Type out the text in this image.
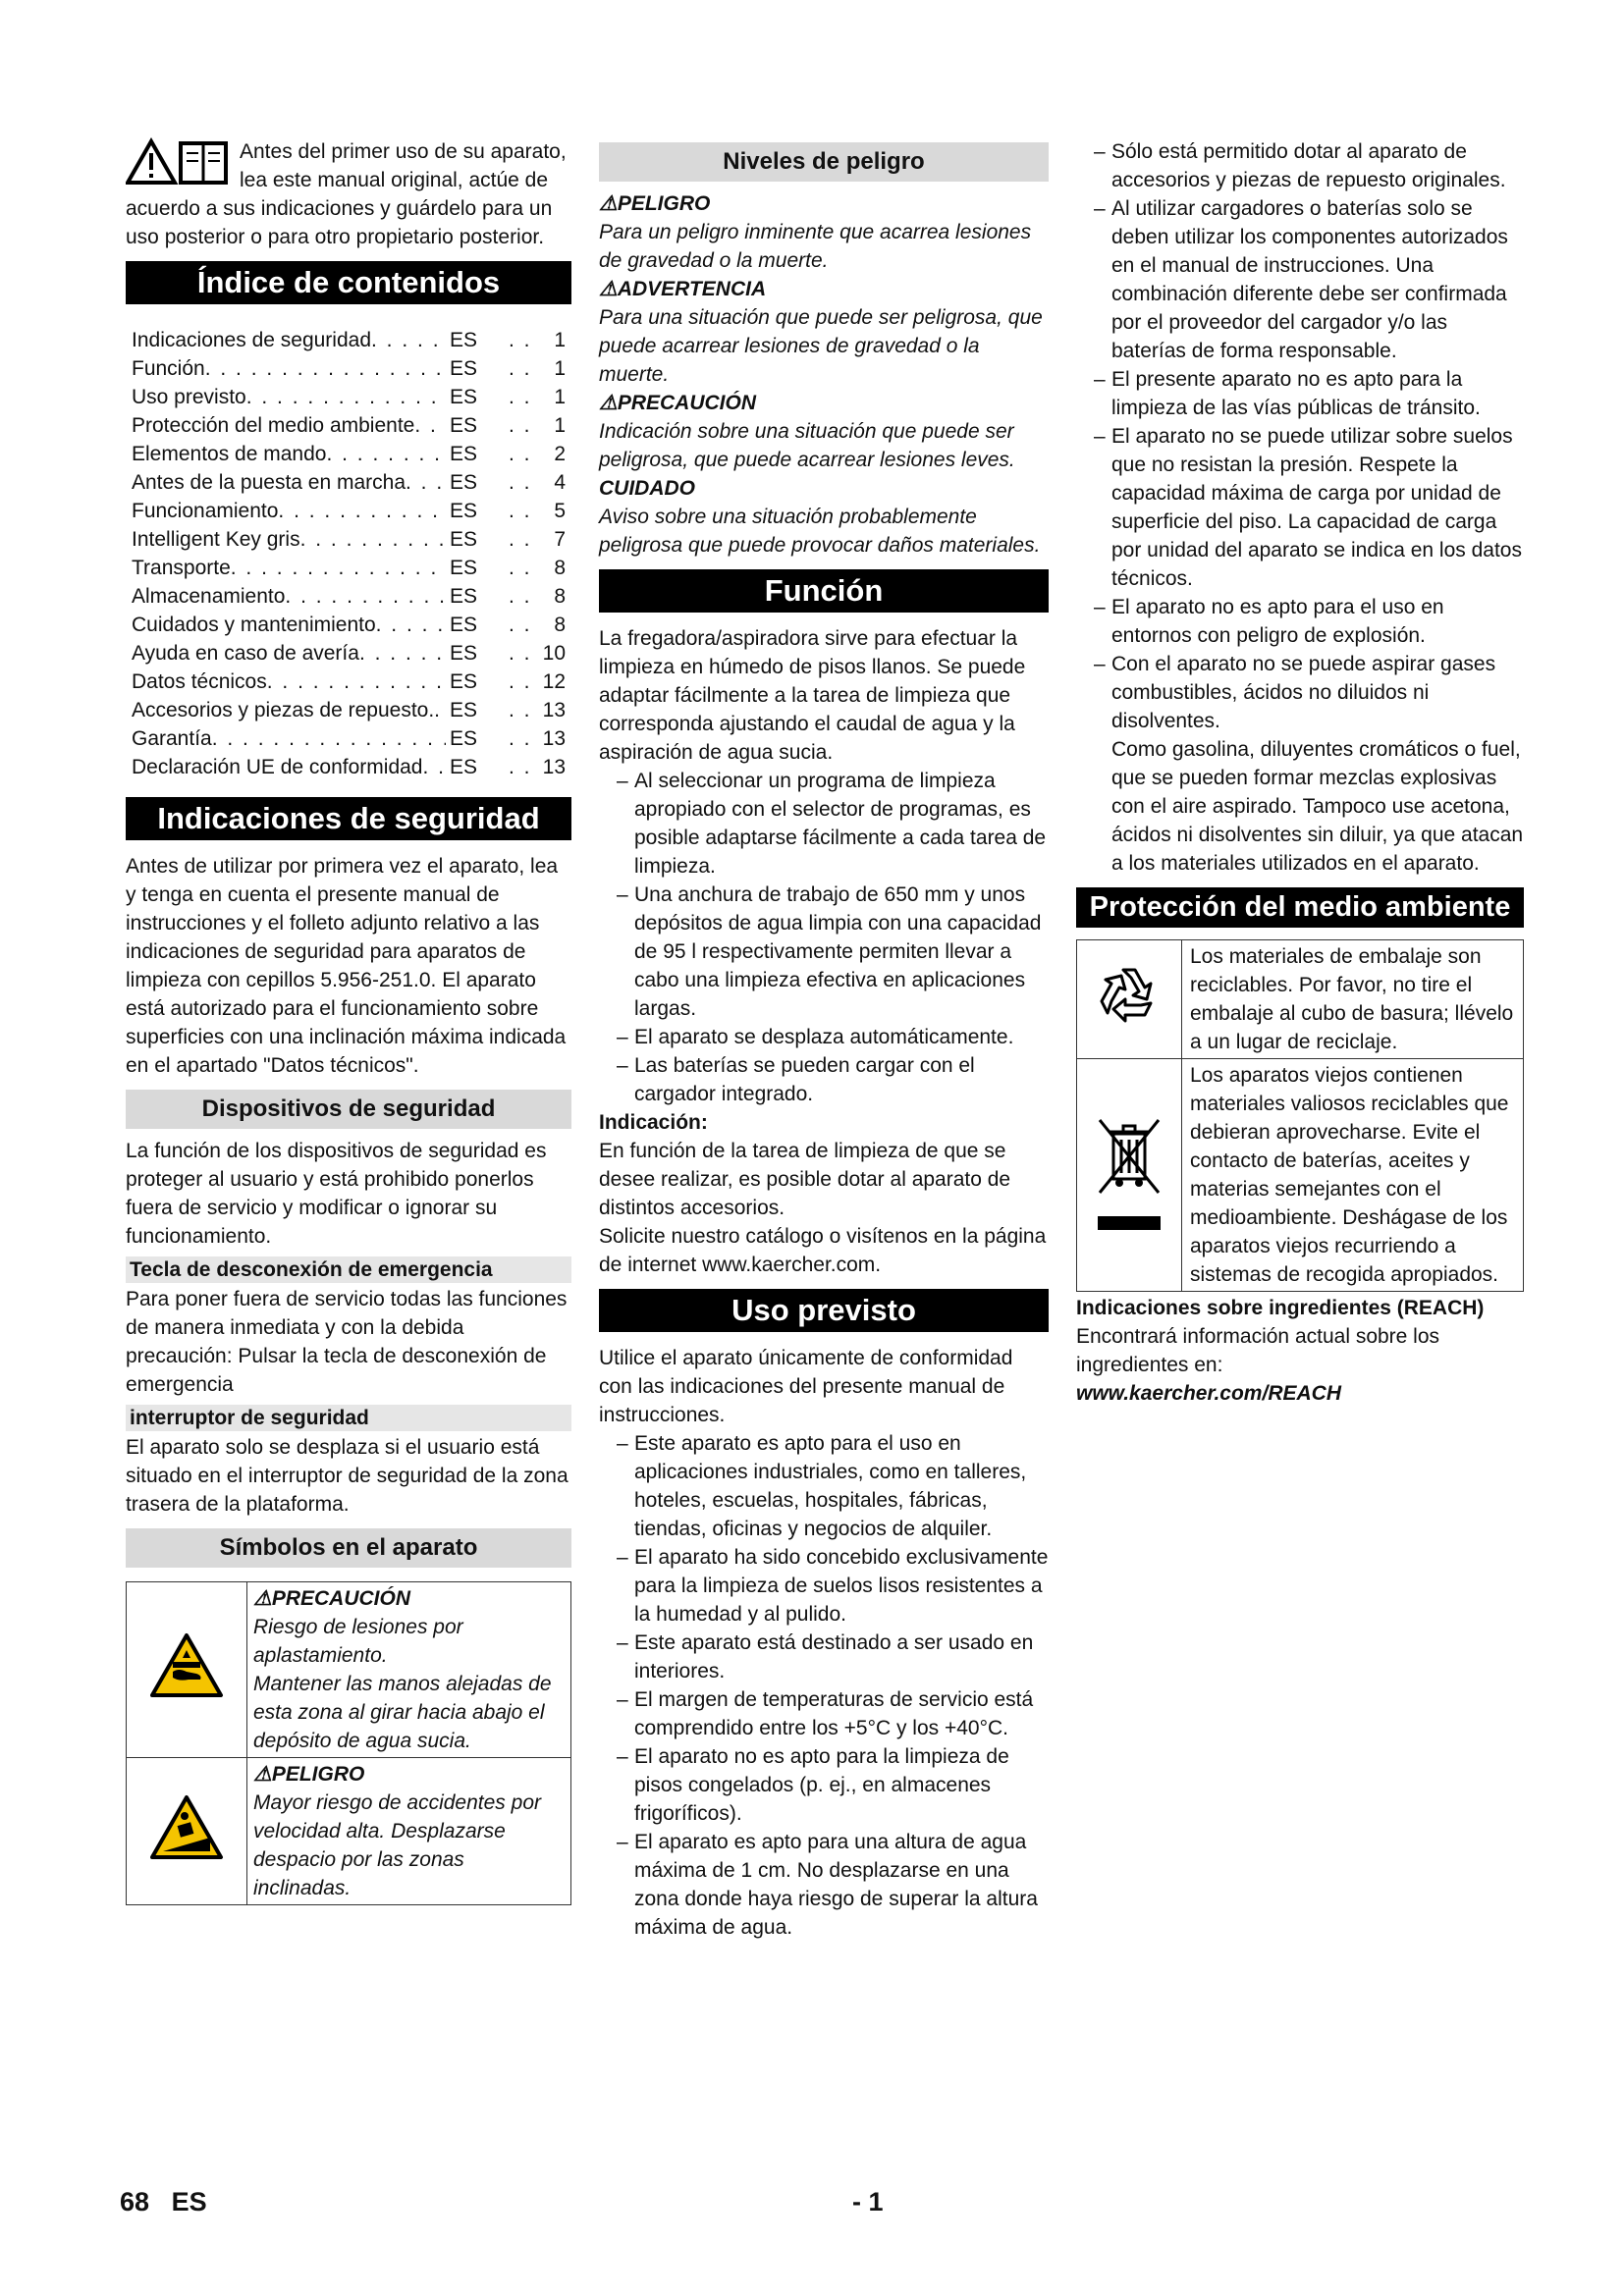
Antes del primer uso de su aparato, lea este manual original, actúe de acuerdo a sus indicaciones y guárdelo para un uso posterior o para otro propietario posterior.

Índice de contenidos
Indicaciones de seguridad . . .	ES . . . .	1
Función . . .	ES . . . .	1
Uso previsto . . .	ES . . . .	1
Protección del medio ambiente . . . ES . . . .	1
Elementos de mando . . .	ES . . . .	2
Antes de la puesta en marcha . . . ES . . . .	4
Funcionamiento . . .	ES . . . .	5
Intelligent Key gris . . .	ES . . . .	7
Transporte . . .	ES . . . .	8
Almacenamiento . . .	ES . . . .	8
Cuidados y mantenimiento . . .	ES . . . .	8
Ayuda en caso de avería . . .	ES . . . .	10
Datos técnicos . . .	ES . . . .	12
Accesorios y piezas de repuesto. . . . ES . . . .	13
Garantía . . .	ES . . . .	13
Declaración UE de conformidad . . . ES . . . .	13
Indicaciones de seguridad

Antes de utilizar por primera vez el aparato, lea y tenga en cuenta el presente manual de instrucciones y el folleto adjunto relativo a las indicaciones de seguridad para aparatos de limpieza con cepillos 5.956-251.0. El aparato está autorizado para el funcionamiento sobre superficies con una inclinación máxima indicada en el apartado "Datos técnicos".

Dispositivos de seguridad

La función de los dispositivos de seguridad es proteger al usuario y está prohibido ponerlos fuera de servicio y modificar o ignorar su funcionamiento.

Tecla de desconexión de emergencia

Para poner fuera de servicio todas las funciones de manera inmediata y con la debida precaución: Pulsar la tecla de desconexión de emergencia

interruptor de seguridad

El aparato solo se desplaza si el usuario está situado en el interruptor de seguridad de la zona trasera de la plataforma.

Símbolos en el aparato

⚠PRECAUCIÓN
Riesgo de lesiones por aplastamiento.
Mantener las manos alejadas de esta zona al girar hacia abajo el depósito de agua sucia.

⚠PELIGRO
Mayor riesgo de accidentes por velocidad alta. Desplazarse despacio por las zonas inclinadas.
Niveles de peligro
⚠PELIGRO

Para un peligro inminente que acarrea lesiones de gravedad o la muerte.

⚠ADVERTENCIA

Para una situación que puede ser peligrosa, que puede acarrear lesiones de gravedad o la muerte.

⚠PRECAUCIÓN

Indicación sobre una situación que puede ser peligrosa, que puede acarrear lesiones leves.

CUIDADO

Aviso sobre una situación probablemente peligrosa que puede provocar daños materiales.

Función

La fregadora/aspiradora sirve para efectuar la limpieza en húmedo de pisos llanos. Se puede adaptar fácilmente a la tarea de limpieza que corresponda ajustando el caudal de agua y la aspiración de agua sucia.

– Al seleccionar un programa de limpieza apropiado con el selector de programas, es posible adaptarse fácilmente a cada tarea de limpieza.
– Una anchura de trabajo de 650 mm y unos depósitos de agua limpia con una capacidad de 95 l respectivamente permiten llevar a cabo una limpieza efectiva en aplicaciones largas.
– El aparato se desplaza automáticamente.
– Las baterías se pueden cargar con el cargador integrado.
Indicación:

En función de la tarea de limpieza de que se desee realizar, es posible dotar al aparato de distintos accesorios.

Solicite nuestro catálogo o visítenos en la página de internet www.kaercher.com.

Uso previsto

Utilice el aparato únicamente de conformidad con las indicaciones del presente manual de instrucciones.

– Este aparato es apto para el uso en aplicaciones industriales, como en talleres, hoteles, escuelas, hospitales, fábricas, tiendas, oficinas y negocios de alquiler.
– El aparato ha sido concebido exclusivamente para la limpieza de suelos lisos resistentes a la humedad y al pulido.
– Este aparato está destinado a ser usado en interiores.
– El margen de temperaturas de servicio está comprendido entre los +5°C y los +40°C.
– El aparato no es apto para la limpieza de pisos congelados (p. ej., en almacenes frigoríficos).
– El aparato es apto para una altura de agua máxima de 1 cm. No desplazarse en una zona donde haya riesgo de superar la altura máxima de agua.
– Sólo está permitido dotar al aparato de accesorios y piezas de repuesto originales.
– Al utilizar cargadores o baterías solo se deben utilizar los componentes autorizados en el manual de instrucciones. Una combinación diferente debe ser confirmada por el proveedor del cargador y/o las baterías de forma responsable.
– El presente aparato no es apto para la limpieza de las vías públicas de tránsito.
– El aparato no se puede utilizar sobre suelos que no resistan la presión. Respete la capacidad máxima de carga por unidad de superficie del piso. La capacidad de carga por unidad del aparato se indica en los datos técnicos.
– El aparato no es apto para el uso en entornos con peligro de explosión.
– Con el aparato no se puede aspirar gases combustibles, ácidos no diluidos ni disolventes.

Como gasolina, diluyentes cromáticos o fuel, que se pueden formar mezclas explosivas con el aire aspirado. Tampoco use acetona, ácidos ni disolventes sin diluir, ya que atacan a los materiales utilizados en el aparato.

Protección del medio ambiente
	Los materiales de embalaje son reciclables. Por favor, no tire el embalaje al cubo de basura; llévelo a un lugar de reciclaje.
	Los aparatos viejos contienen materiales valiosos reciclables que debieran aprovecharse. Evite el contacto de baterías, aceites y materias semejantes con el medioambiente. Deshágase de los aparatos viejos recurriendo a sistemas de recogida apropiados.
Indicaciones sobre ingredientes (REACH)

Encontrará información actual sobre los ingredientes en:

www.kaercher.com/REACH
68 ES	- 1
